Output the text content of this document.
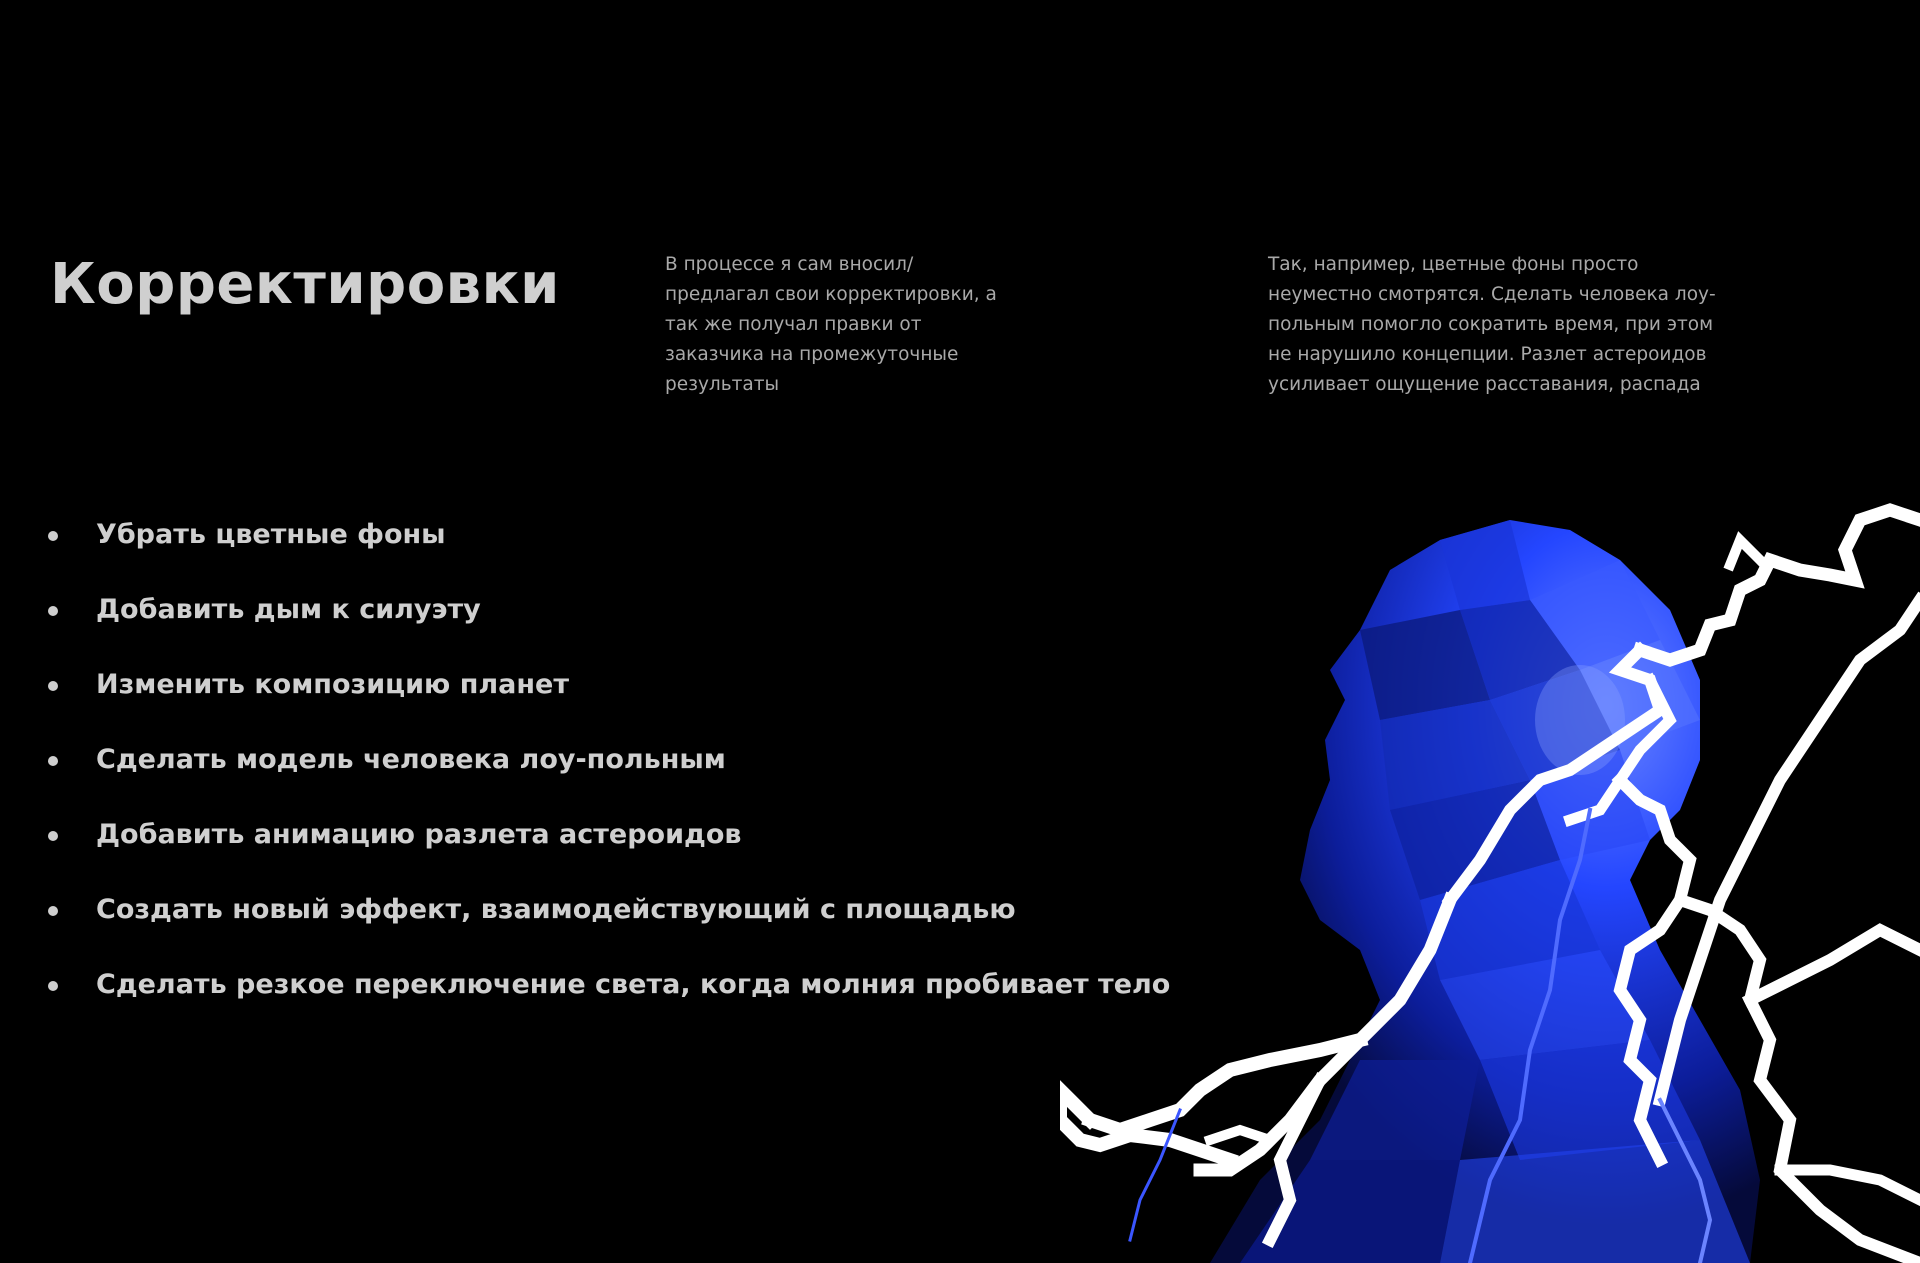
Корректировки	В процессе я сам вносил/
предлагал свои корректировки, а
так же получал правки от
заказчика на промежуточные
результаты
Так, например, цветные фоны просто
неуместно смотрятся. Сделать человека лоу-
польным помогло сократить время, при этом
не нарушило концепции. Разлет астероидов
усиливает ощущение расставания, распада
Убрать цветные фоны
Добавить дым к силуэту
Изменить композицию планет
Сделать модель человека лоу-польным
Добавить анимацию разлета астероидов
Создать новый эффект, взаимодействующий с площадью
Сделать резкое переключение света, когда молния пробивает тело
